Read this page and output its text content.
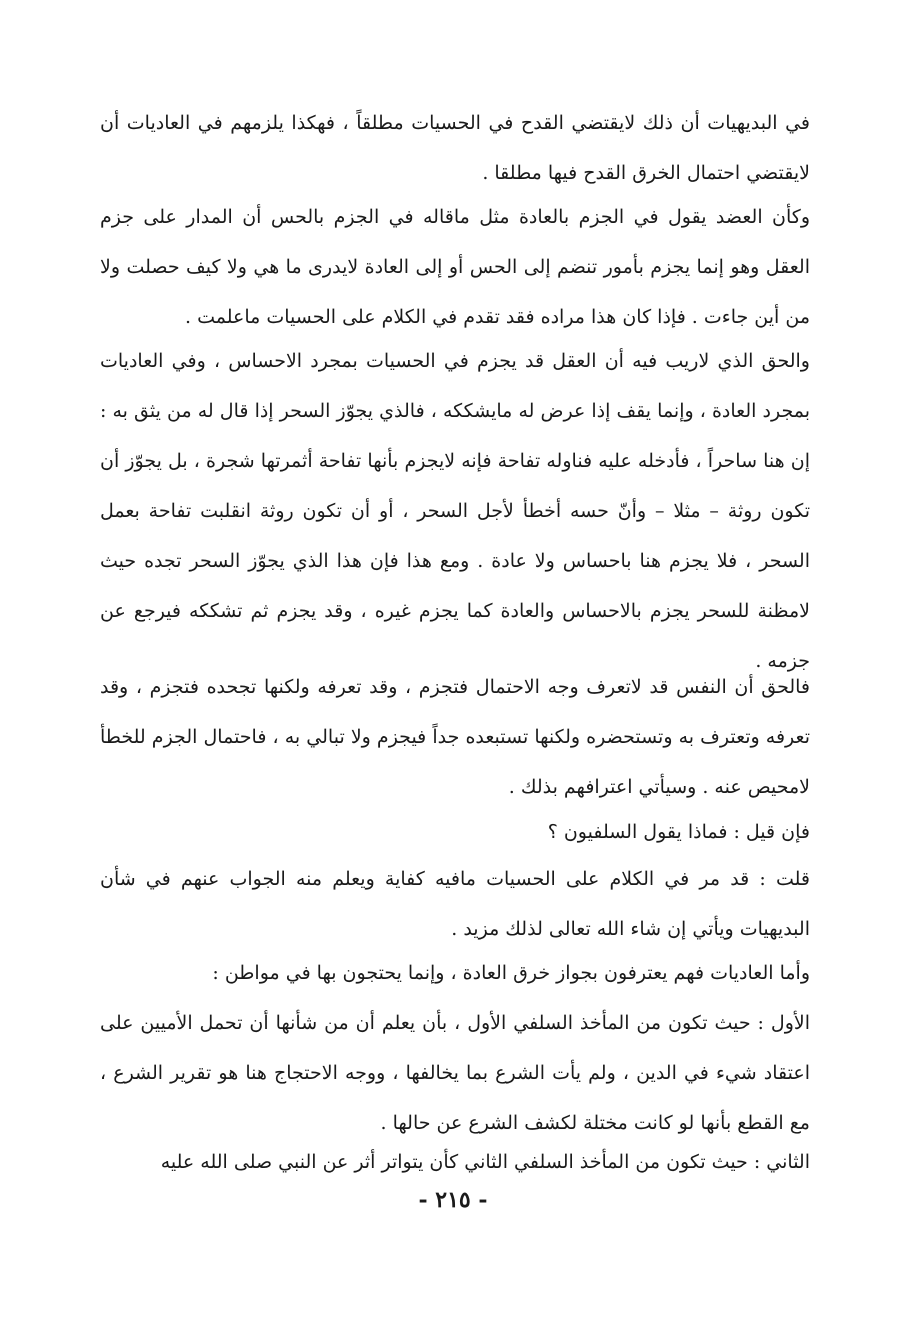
في البديهيات أن ذلك لايقتضي القدح في الحسيات مطلقاً ، فهكذا يلزمهم في العاديات أن لايقتضي احتمال الخرق القدح فيها مطلقا .

وكأن العضد يقول في الجزم بالعادة مثل ماقاله في الجزم بالحس أن المدار على جزم العقل وهو إنما يجزم بأمور تنضم إلى الحس أو إلى العادة لايدرى ما هي ولا كيف حصلت ولا من أين جاءت . فإذا كان هذا مراده فقد تقدم في الكلام على الحسيات ماعلمت .

والحق الذي لاريب فيه أن العقل قد يجزم في الحسيات بمجرد الاحساس ، وفي العاديات بمجرد العادة ، وإنما يقف إذا عرض له مايشككه ، فالذي يجوّز السحر إذا قال له من يثق به : إن هنا ساحراً ، فأدخله عليه فناوله تفاحة فإنه لايجزم بأنها تفاحة أثمرتها شجرة ، بل يجوّز أن تكون روثة – مثلا – وأنّ حسه أخطأ لأجل السحر ، أو أن تكون روثة انقلبت تفاحة بعمل السحر ، فلا يجزم هنا باحساس ولا عادة . ومع هذا فإن هذا الذي يجوّز السحر تجده حيث لامظنة للسحر يجزم بالاحساس والعادة كما يجزم غيره ، وقد يجزم ثم تشككه فيرجع عن جزمه .

فالحق أن النفس قد لاتعرف وجه الاحتمال فتجزم ، وقد تعرفه ولكنها تجحده فتجزم ، وقد تعرفه وتعترف به وتستحضره ولكنها تستبعده جداً فيجزم ولا تبالي به ، فاحتمال الجزم للخطأ لامحيص عنه . وسيأتي اعترافهم بذلك .

فإن قيل : فماذا يقول السلفيون ؟

قلت : قد مر في الكلام على الحسيات مافيه كفاية ويعلم منه الجواب عنهم في شأن البديهيات ويأتي إن شاء الله تعالى لذلك مزيد .

وأما العاديات فهم يعترفون بجواز خرق العادة ، وإنما يحتجون بها في مواطن :

الأول : حيث تكون من المأخذ السلفي الأول ، بأن يعلم أن من شأنها أن تحمل الأميين على اعتقاد شيء في الدين ، ولم يأت الشرع بما يخالفها ، ووجه الاحتجاج هنا هو تقرير الشرع ، مع القطع بأنها لو كانت مختلة لكشف الشرع عن حالها .

الثاني : حيث تكون من المأخذ السلفي الثاني كأن يتواتر أثر عن النبي صلى الله عليه

- ٢١٥ -
